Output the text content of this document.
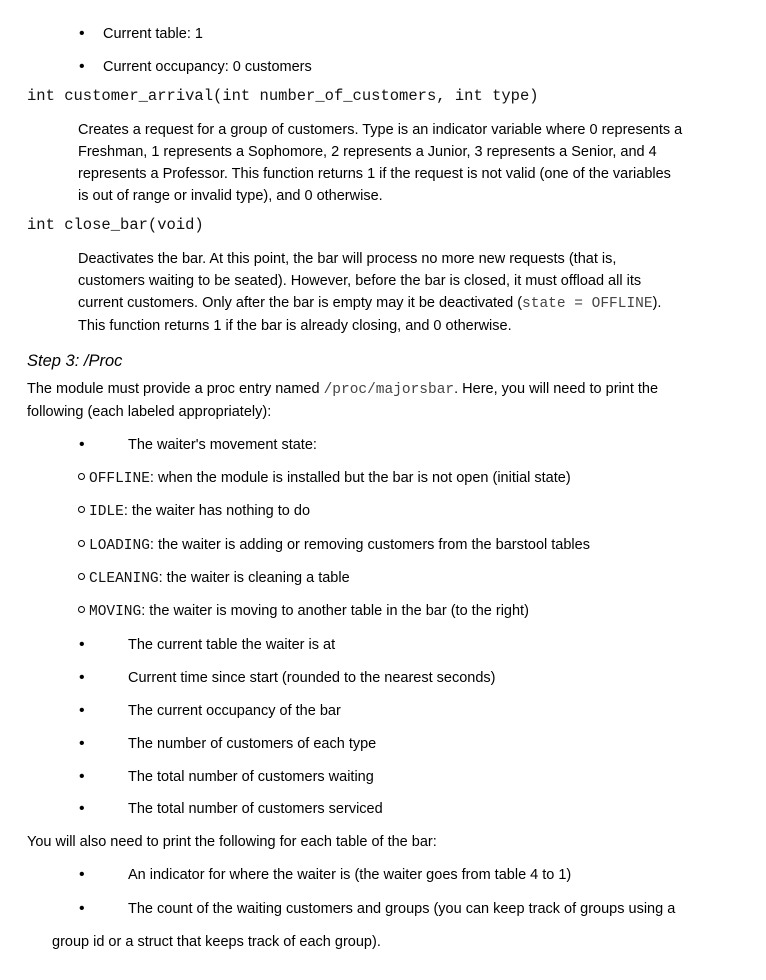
• Current table: 1
• Current occupancy: 0 customers
int customer_arrival(int number_of_customers, int type)
Creates a request for a group of customers. Type is an indicator variable where 0 represents a
Freshman, 1 represents a Sophomore, 2 represents a Junior, 3 represents a Senior, and 4
represents a Professor. This function returns 1 if the request is not valid (one of the variables
is out of range or invalid type), and 0 otherwise.
int close_bar(void)
Deactivates the bar. At this point, the bar will process no more new requests (that is,
customers waiting to be seated). However, before the bar is closed, it must offload all its
current customers. Only after the bar is empty may it be deactivated (state = OFFLINE).
This function returns 1 if the bar is already closing, and 0 otherwise.
Step 3: /Proc
The module must provide a proc entry named /proc/majorsbar. Here, you will need to print the
following (each labeled appropriately):
•	The waiter's movement state:
OFFLINE: when the module is installed but the bar is not open (initial state)
IDLE: the waiter has nothing to do
LOADING: the waiter is adding or removing customers from the barstool tables
CLEANING: the waiter is cleaning a table
MOVING: the waiter is moving to another table in the bar (to the right)
•	The current table the waiter is at
•	Current time since start (rounded to the nearest seconds)
•	The current occupancy of the bar
•	The number of customers of each type
•	The total number of customers waiting
•	The total number of customers serviced
You will also need to print the following for each table of the bar:
•	An indicator for where the waiter is (the waiter goes from table 4 to 1)
•	The count of the waiting customers and groups (you can keep track of groups using a
group id or a struct that keeps track of each group).
